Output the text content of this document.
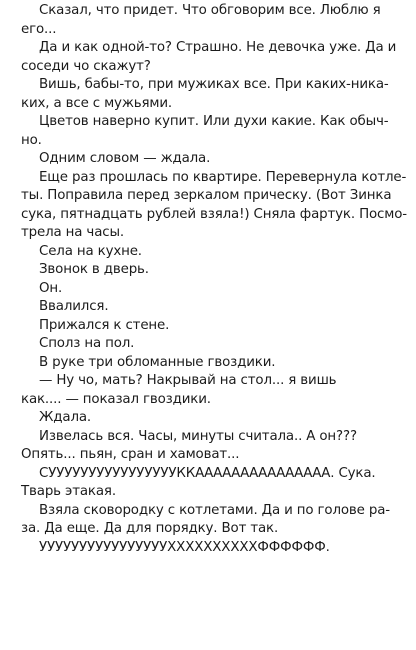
Сказал, что придет. Что обговорим все. Люблю я
его...
Да и как одной-то? Страшно. Не девочка уже. Да и
соседи чо скажут?
Вишь, бабы-то, при мужиках все. При каких-ника-
ких, а все с мужьями.
Цветов наверно купит. Или духи какие. Как обыч-
но.
Одним словом — ждала.
Еще раз прошлась по квартире. Перевернула котле-
ты. Поправила перед зеркалом прическу. (Вот Зинка
сука, пятнадцать рублей взяла!) Сняла фартук. Посмо-
трела на часы.
Села на кухне.
Звонок в дверь.
Он.
Ввалился.
Прижался к стене.
Сполз на пол.
В руке три обломанные гвоздики.
— Ну чо, мать? Накрывай на стол... я вишь
как.... — показал гвоздики.
Ждала.
Извелась вся. Часы, минуты считала.. А он???
Опять... пьян, сран и хамоват...
СУУУУУУУУУУУУУУУУККААААААААААААААА. Сука.
Тварь этакая.
Взяла сковородку с котлетами. Да и по голове ра-
за. Да еще. Да для порядку. Вот так.
УУУУУУУУУУУУУУУУХХХХХХХХХХФФФФФФ.
